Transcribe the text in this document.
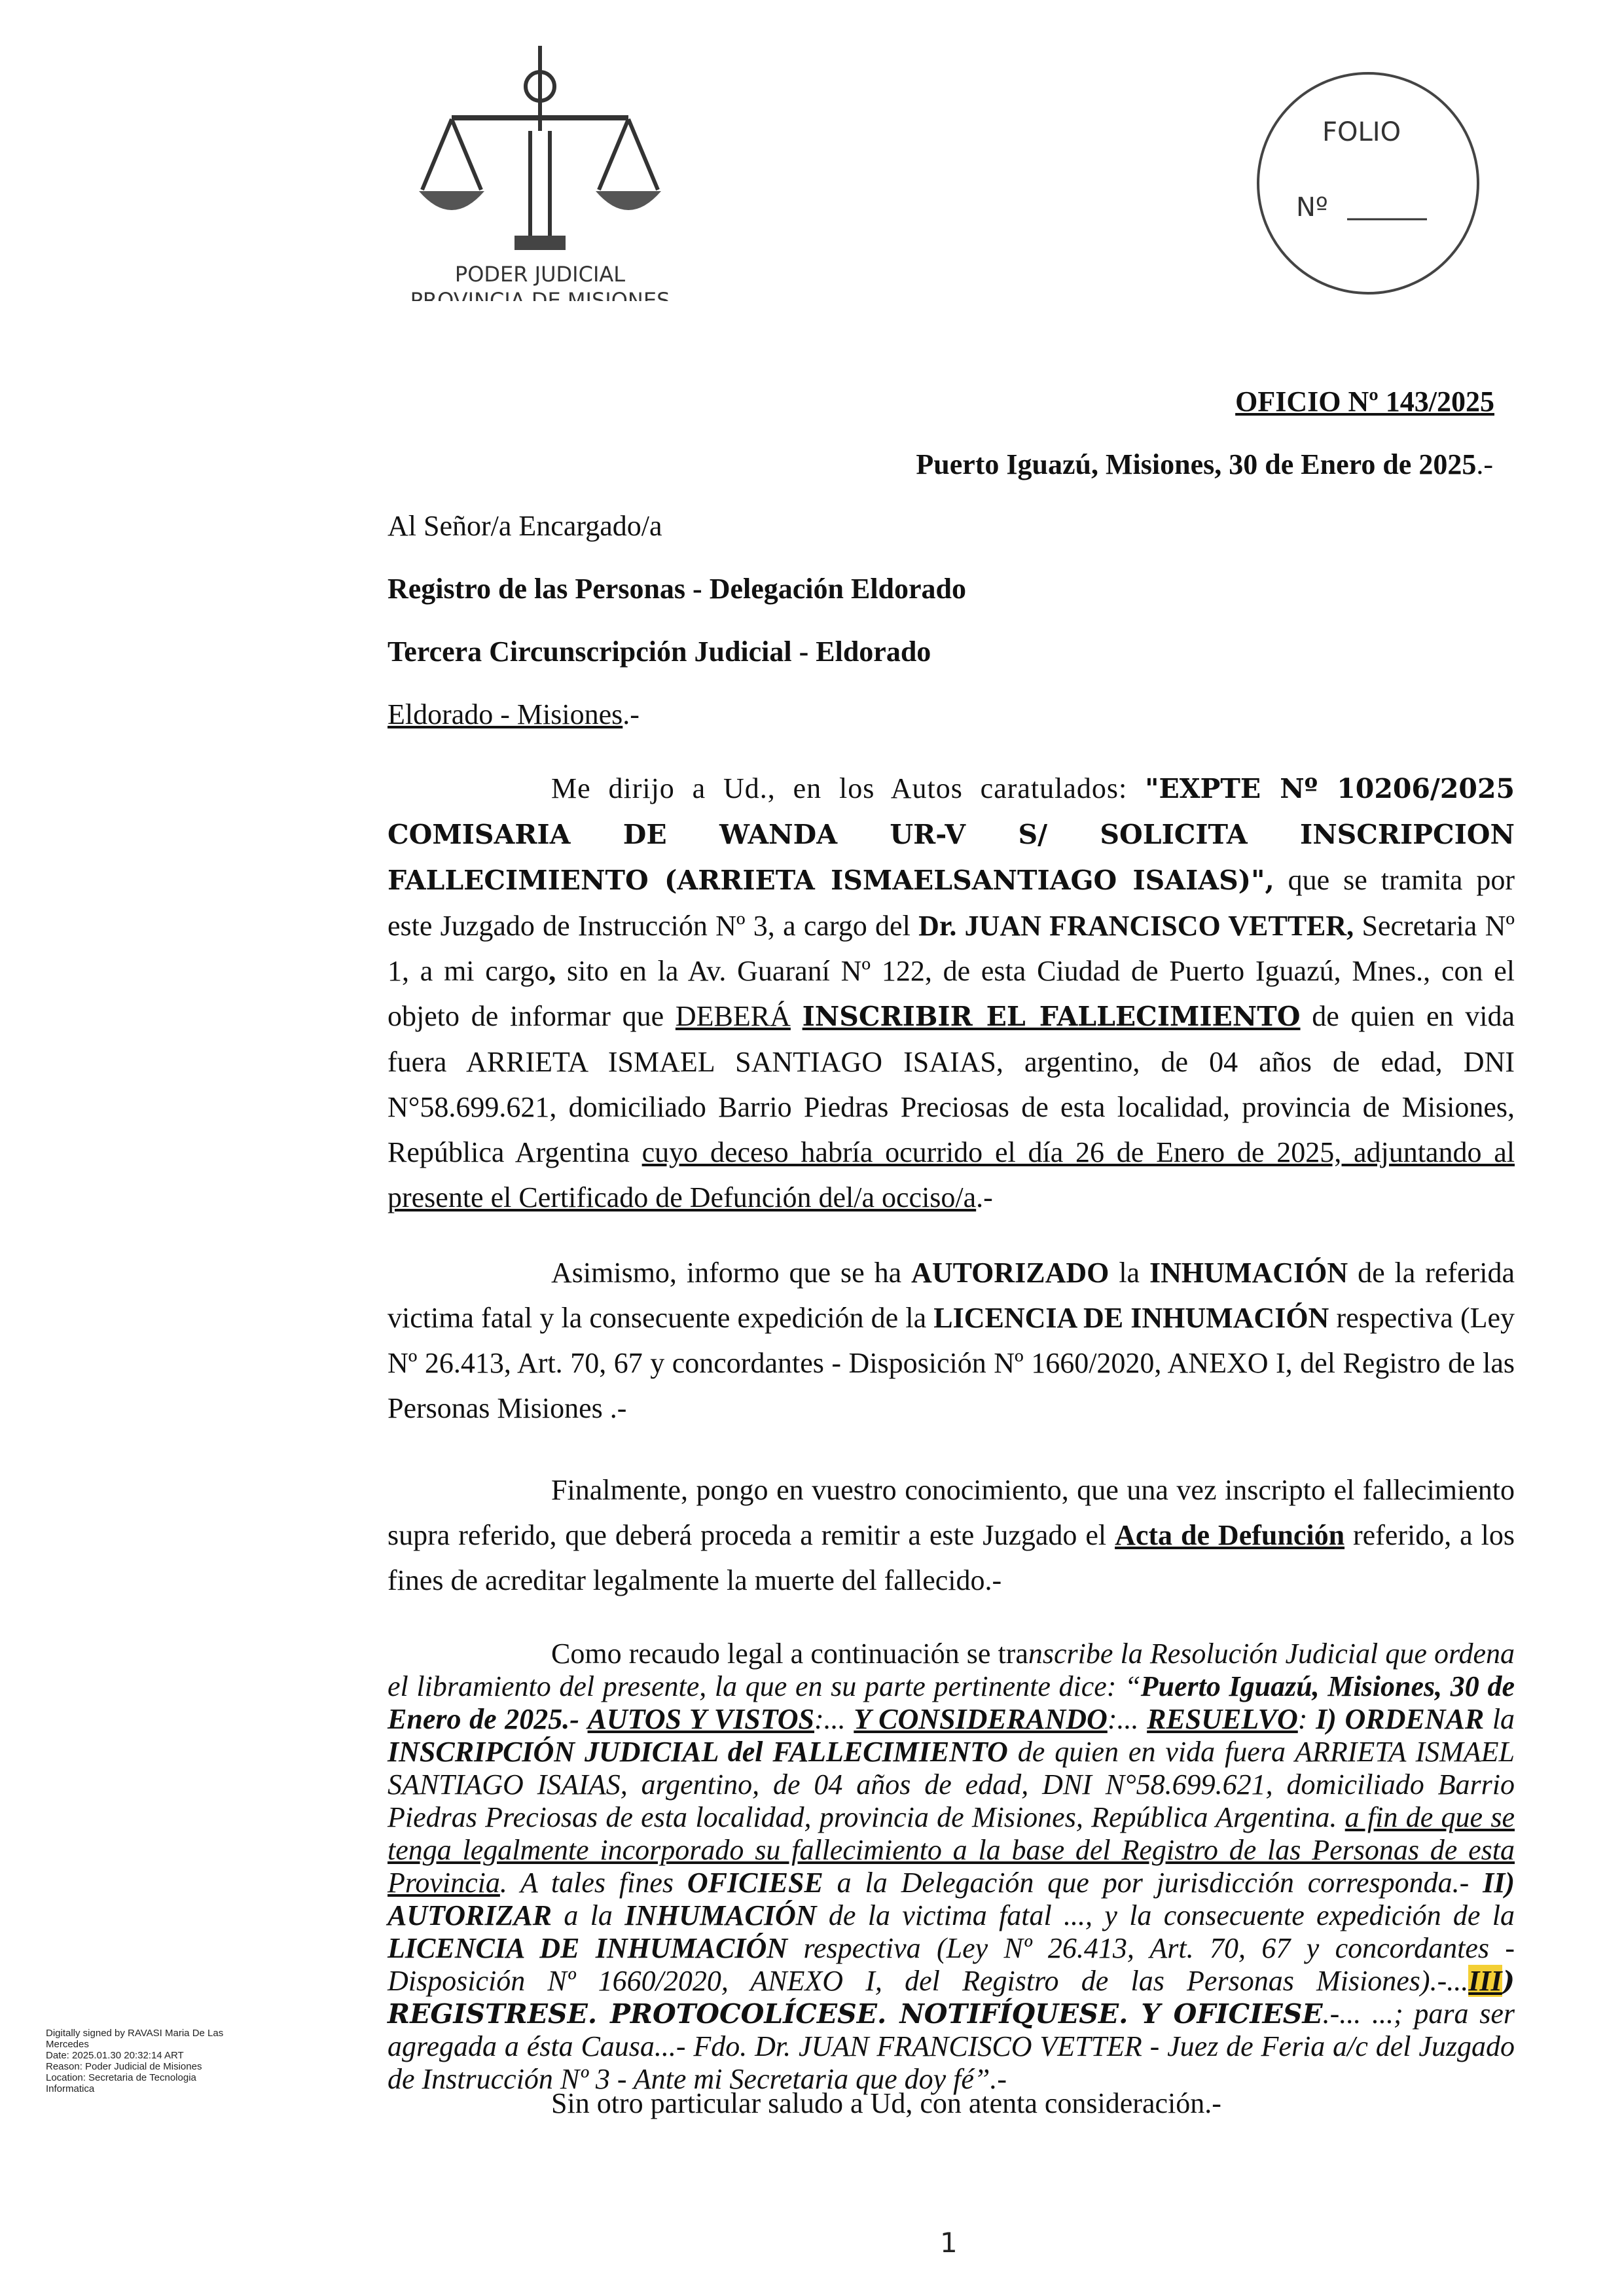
PODER JUDICIAL
PROVINCIA DE MISIONES
FOLIO
Nº
OFICIO Nº 143/2025
Puerto Iguazú, Misiones, 30 de Enero de 2025.-
Al Señor/a Encargado/a
Registro de las Personas - Delegación Eldorado
Tercera Circunscripción Judicial - Eldorado
Eldorado - Misiones.-
Me dirijo a Ud., en los Autos caratulados: "EXPTE Nº 10206/2025 COMISARIA DE WANDA UR-V S/ SOLICITA INSCRIPCION FALLECIMIENTO (ARRIETA ISMAELSANTIAGO ISAIAS)", que se tramita por este Juzgado de Instrucción Nº 3, a cargo del Dr. JUAN FRANCISCO VETTER, Secretaria Nº 1, a mi cargo, sito en la Av. Guaraní Nº 122, de esta Ciudad de Puerto Iguazú, Mnes., con el objeto de informar que DEBERÁ INSCRIBIR EL FALLECIMIENTO de quien en vida fuera ARRIETA ISMAEL SANTIAGO ISAIAS, argentino, de 04 años de edad, DNI N°58.699.621, domiciliado Barrio Piedras Preciosas de esta localidad, provincia de Misiones, República Argentina cuyo deceso habría ocurrido el día 26 de Enero de 2025, adjuntando al presente el Certificado de Defunción del/a occiso/a.-
Asimismo, informo que se ha AUTORIZADO la INHUMACIÓN de la referida victima fatal y la consecuente expedición de la LICENCIA DE INHUMACIÓN respectiva (Ley Nº 26.413, Art. 70, 67 y concordantes - Disposición Nº 1660/2020, ANEXO I, del Registro de las Personas Misiones .-
Finalmente, pongo en vuestro conocimiento, que una vez inscripto el fallecimiento supra referido, que deberá proceda a remitir a este Juzgado el Acta de Defunción referido, a los fines de acreditar legalmente la muerte del fallecido.-
Como recaudo legal a continuación se transcribe la Resolución Judicial que ordena el libramiento del presente, la que en su parte pertinente dice: “Puerto Iguazú, Misiones, 30 de Enero de 2025.- AUTOS Y VISTOS:... Y CONSIDERANDO:... RESUELVO: I) ORDENAR la INSCRIPCIÓN JUDICIAL del FALLECIMIENTO de quien en vida fuera ARRIETA ISMAEL SANTIAGO ISAIAS, argentino, de 04 años de edad, DNI N°58.699.621, domiciliado Barrio Piedras Preciosas de esta localidad, provincia de Misiones, República Argentina. a fin de que se tenga legalmente incorporado su fallecimiento a la base del Registro de las Personas de esta Provincia. A tales fines OFICIESE a la Delegación que por jurisdicción corresponda.- II) AUTORIZAR a la INHUMACIÓN de la victima fatal ..., y la consecuente expedición de la LICENCIA DE INHUMACIÓN respectiva (Ley Nº 26.413, Art. 70, 67 y concordantes - Disposición Nº 1660/2020, ANEXO I, del Registro de las Personas Misiones).-...III) REGISTRESE. PROTOCOLÍCESE. NOTIFÍQUESE. Y OFICIESE.-... ...; para ser agregada a ésta Causa...- Fdo. Dr. JUAN FRANCISCO VETTER - Juez de Feria a/c del Juzgado de Instrucción Nº 3 - Ante mi Secretaria que doy fé”.-
Sin otro particular saludo a Ud, con atenta consideración.-
Digitally signed by RAVASI Maria De Las
Mercedes
Date: 2025.01.30 20:32:14 ART
Reason: Poder Judicial de Misiones
Location: Secretaria de Tecnologia
Informatica
1
